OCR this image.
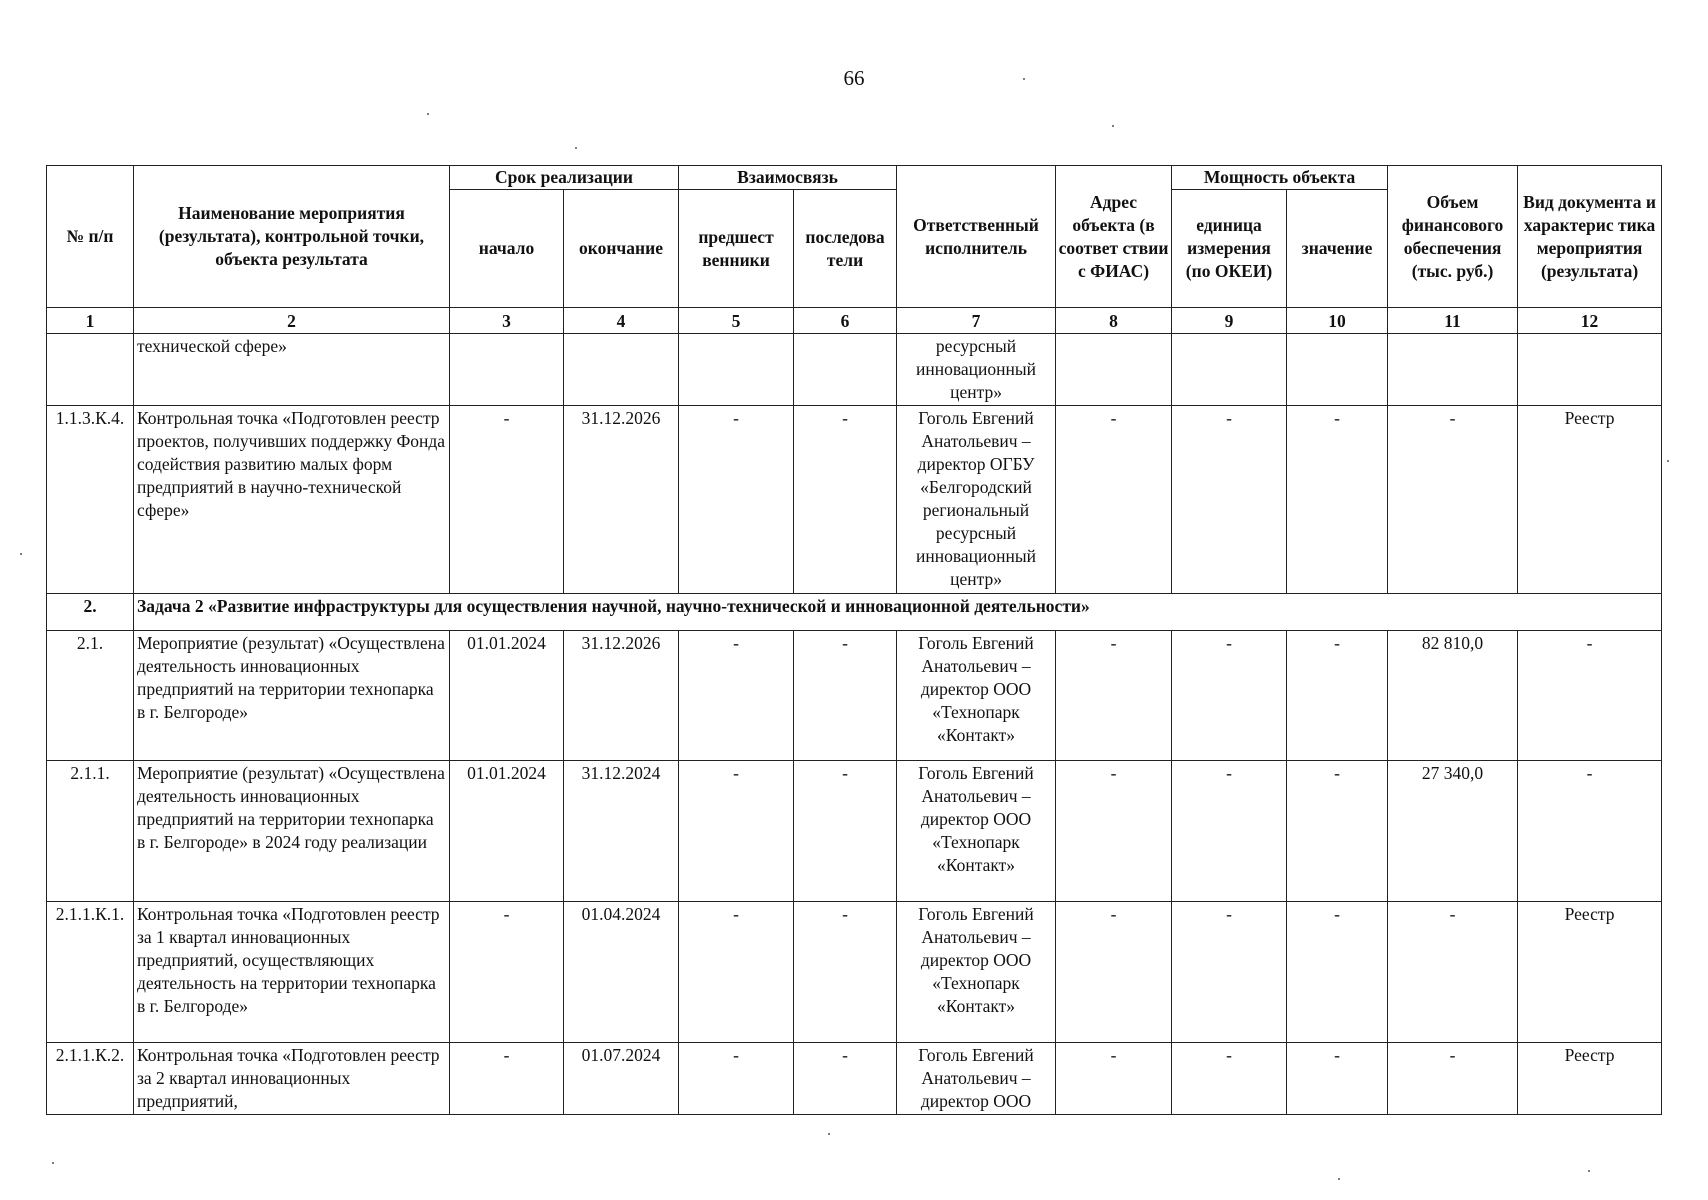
66
№ п/п	Наименование мероприятия (результата), контрольной точки, объекта результата	Срок реализации		Взаимосвязь		Ответственный исполнитель	Адрес объекта (в соответ ствии с ФИАС)	Мощность объекта		Объем финансового обеспечения (тыс. руб.)	Вид документа и характерис тика мероприятия (результата)
		начало	окончание	предшест венники	последова тели			единица измерения (по ОКЕИ)	значение		
1	2	3	4	5	6	7	8	9	10	11	12
	технической сфере»					ресурсный инновационный центр»					
1.1.3.К.4.	Контрольная точка «Подготовлен реестр проектов, получивших поддержку Фонда содействия развитию малых форм предприятий в научно-технической сфере»	-	31.12.2026	-	-	Гоголь Евгений Анатольевич – директор ОГБУ «Белгородский региональный ресурсный инновационный центр»	-	-	-	-	Реестр
2.	Задача 2 «Развитие инфраструктуры для осуществления научной, научно-технической и инновационной деятельности»										
2.1.	Мероприятие (результат) «Осуществлена деятельность инновационных предприятий на территории технопарка в г. Белгороде»	01.01.2024	31.12.2026	-	-	Гоголь Евгений Анатольевич – директор ООО «Технопарк «Контакт»	-	-	-	82 810,0	-
2.1.1.	Мероприятие (результат) «Осуществлена деятельность инновационных предприятий на территории технопарка в г. Белгороде» в 2024 году реализации	01.01.2024	31.12.2024	-	-	Гоголь Евгений Анатольевич – директор ООО «Технопарк «Контакт»	-	-	-	27 340,0	-
2.1.1.К.1.	Контрольная точка «Подготовлен реестр за 1 квартал инновационных предприятий, осуществляющих деятельность на территории технопарка в г. Белгороде»	-	01.04.2024	-	-	Гоголь Евгений Анатольевич – директор ООО «Технопарк «Контакт»	-	-	-	-	Реестр
2.1.1.К.2.	Контрольная точка «Подготовлен реестр за 2 квартал инновационных предприятий,	-	01.07.2024	-	-	Гоголь Евгений Анатольевич – директор ООО	-	-	-	-	Реестр
